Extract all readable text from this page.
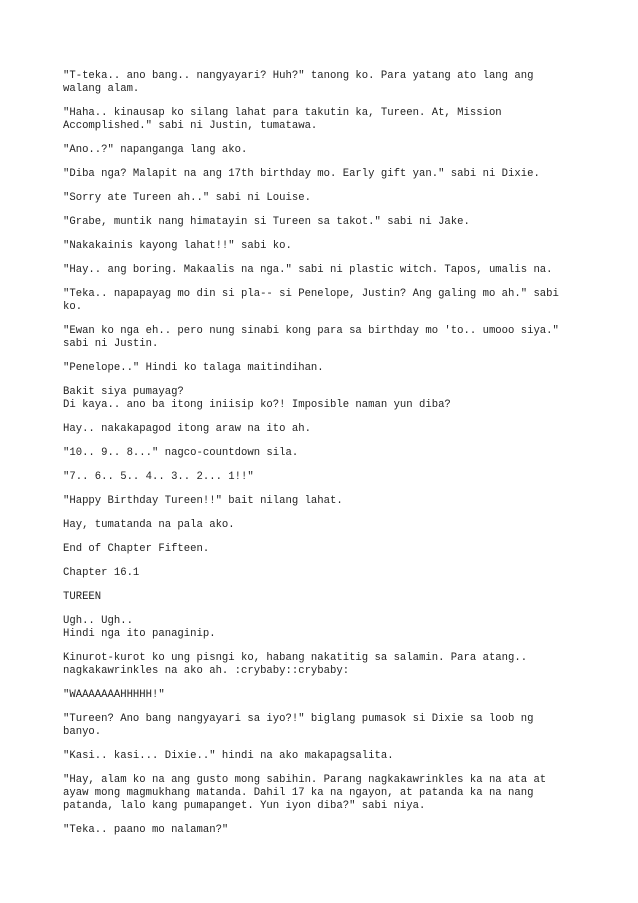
"T-teka.. ano bang.. nangyayari? Huh?" tanong ko. Para yatang ato lang ang
walang alam.

"Haha.. kinausap ko silang lahat para takutin ka, Tureen. At, Mission
Accomplished." sabi ni Justin, tumatawa.

"Ano..?" napanganga lang ako.

"Diba nga? Malapit na ang 17th birthday mo. Early gift yan." sabi ni Dixie.

"Sorry ate Tureen ah.." sabi ni Louise.

"Grabe, muntik nang himatayin si Tureen sa takot." sabi ni Jake.

"Nakakainis kayong lahat!!" sabi ko.

"Hay.. ang boring. Makaalis na nga." sabi ni plastic witch. Tapos, umalis na.

"Teka.. napapayag mo din si pla-- si Penelope, Justin? Ang galing mo ah." sabi
ko.

"Ewan ko nga eh.. pero nung sinabi kong para sa birthday mo 'to.. umooo siya."
sabi ni Justin.

"Penelope.." Hindi ko talaga maitindihan.

Bakit siya pumayag?
Di kaya.. ano ba itong iniisip ko?! Imposible naman yun diba?

Hay.. nakakapagod itong araw na ito ah.

"10.. 9.. 8..." nagco-countdown sila.

"7.. 6.. 5.. 4.. 3.. 2... 1!!"

"Happy Birthday Tureen!!" bait nilang lahat.

Hay, tumatanda na pala ako.

End of Chapter Fifteen.

Chapter 16.1

TUREEN

Ugh.. Ugh..
Hindi nga ito panaginip.

Kinurot-kurot ko ung pisngi ko, habang nakatitig sa salamin. Para atang..
nagkakawrinkles na ako ah. :crybaby::crybaby:

"WAAAAAAAHHHHH!"

"Tureen? Ano bang nangyayari sa iyo?!" biglang pumasok si Dixie sa loob ng
banyo.

"Kasi.. kasi... Dixie.." hindi na ako makapagsalita.

"Hay, alam ko na ang gusto mong sabihin. Parang nagkakawrinkles ka na ata at
ayaw mong magmukhang matanda. Dahil 17 ka na ngayon, at patanda ka na nang
patanda, lalo kang pumapanget. Yun iyon diba?" sabi niya.

"Teka.. paano mo nalaman?"
